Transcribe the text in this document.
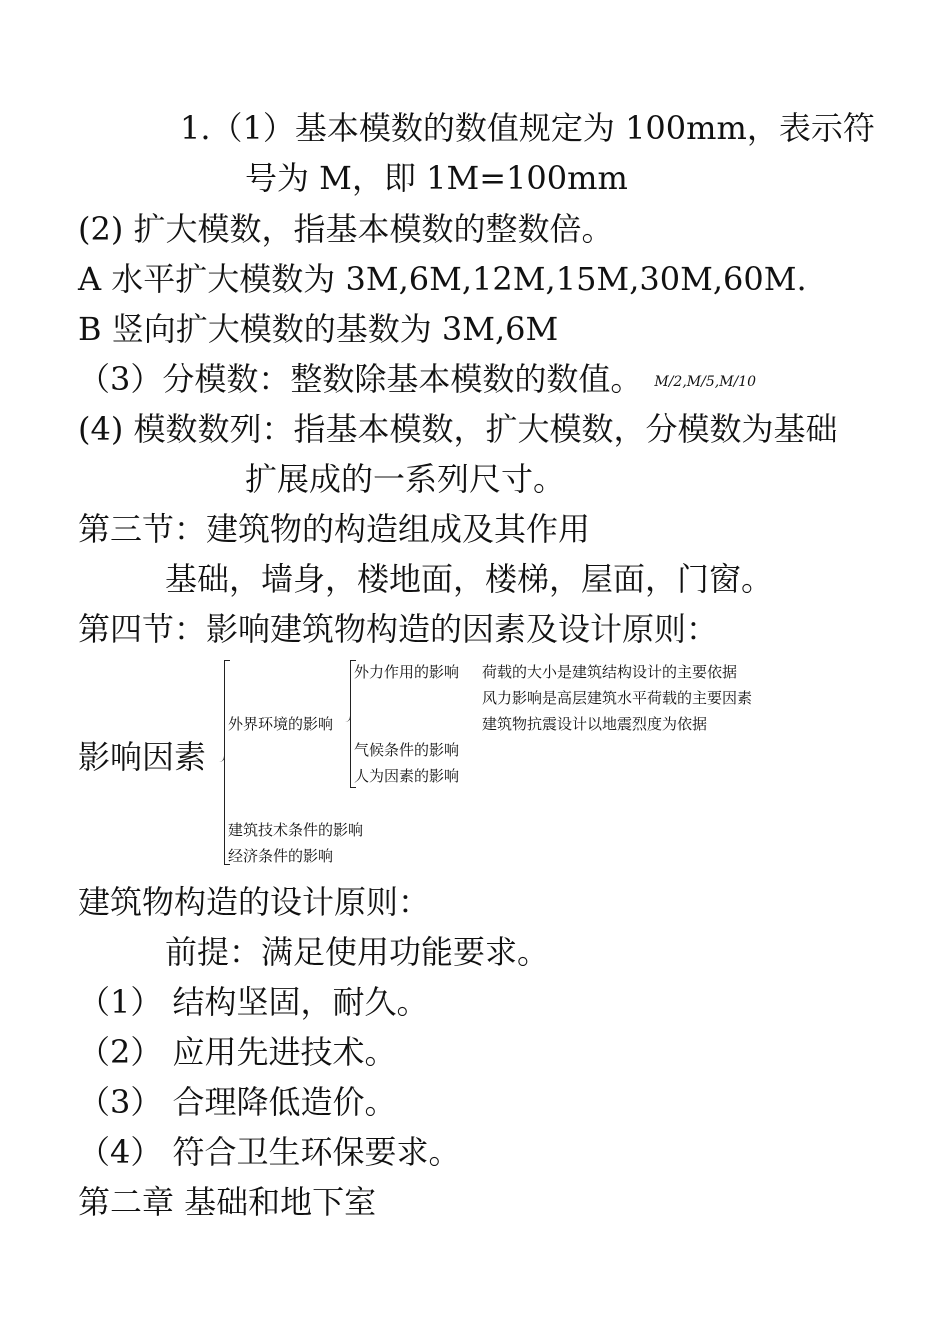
1.（1）基本模数的数值规定为 100mm，表示符
号为 M，即 1M=100mm
(2) 扩大模数，指基本模数的整数倍。
A 水平扩大模数为 3M,6M,12M,15M,30M,60M.
B 竖向扩大模数的基数为 3M,6M
（3）分模数：整数除基本模数的数值。 M/2,M/5,M/10
(4) 模数数列：指基本模数，扩大模数，分模数为基础
扩展成的一系列尺寸。
第三节：建筑物的构造组成及其作用
基础，墙身，楼地面，楼梯，屋面，门窗。
第四节：影响建筑物构造的因素及设计原则：
影响因素
外界环境的影响
外力作用的影响 荷载的大小是建筑结构设计的主要依据
风力影响是高层建筑水平荷载的主要因素
建筑物抗震设计以地震烈度为依据
气候条件的影响
人为因素的影响
建筑技术条件的影响
经济条件的影响
建筑物构造的设计原则：
前提：满足使用功能要求。
（1） 结构坚固，耐久。
（2） 应用先进技术。
（3） 合理降低造价。
（4） 符合卫生环保要求。
第二章 基础和地下室
